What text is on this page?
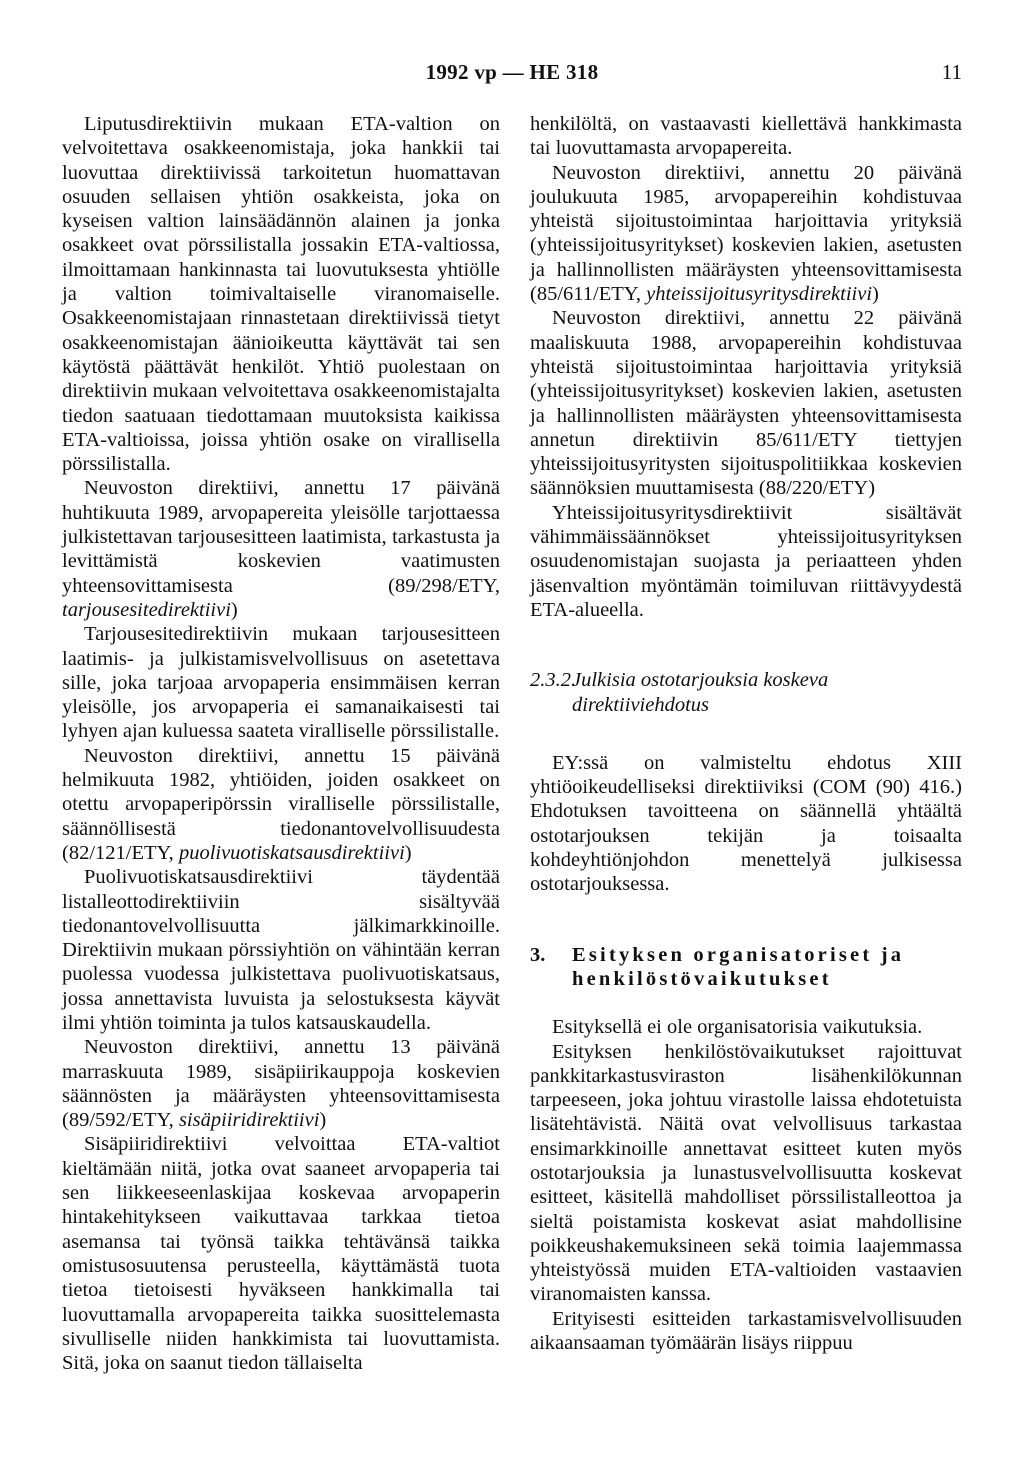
1992 vp — HE 318	11

Liputusdirektiivin mukaan ETA-valtion on velvoitettava osakkeenomistaja, joka hankkii tai luovuttaa direktiivissä tarkoitetun huomattavan osuuden sellaisen yhtiön osakkeista, joka on kyseisen valtion lainsäädännön alainen ja jonka osakkeet ovat pörssilistalla jossakin ETA-valtiossa, ilmoittamaan hankinnasta tai luovutuksesta yhtiölle ja valtion toimivaltaiselle viranomaiselle. Osakkeenomistajaan rinnastetaan direktiivissä tietyt osakkeenomistajan äänioikeutta käyttävät tai sen käytöstä päättävät henkilöt. Yhtiö puolestaan on direktiivin mukaan velvoitettava osakkeenomistajalta tiedon saatuaan tiedottamaan muutoksista kaikissa ETA-valtioissa, joissa yhtiön osake on virallisella pörssilistalla.

Neuvoston direktiivi, annettu 17 päivänä huhtikuuta 1989, arvopapereita yleisölle tarjottaessa julkistettavan tarjousesitteen laatimista, tarkastusta ja levittämistä koskevien vaatimusten yhteensovittamisesta (89/298/ETY, tarjousesitedirektiivi)

Tarjousesitedirektiivin mukaan tarjousesitteen laatimis- ja julkistamisvelvollisuus on asetettava sille, joka tarjoaa arvopaperia ensimmäisen kerran yleisölle, jos arvopaperia ei samanaikaisesti tai lyhyen ajan kuluessa saateta viralliselle pörssilistalle.

Neuvoston direktiivi, annettu 15 päivänä helmikuuta 1982, yhtiöiden, joiden osakkeet on otettu arvopaperipörssin viralliselle pörssilistalle, säännöllisestä tiedonantovelvollisuudesta (82/121/ETY, puolivuotiskatsausdirektiivi)

Puolivuotiskatsausdirektiivi täydentää listalleottodirektiiviin sisältyvää tiedonantovelvollisuutta jälkimarkkinoille. Direktiivin mukaan pörssiyhtiön on vähintään kerran puolessa vuodessa julkistettava puolivuotiskatsaus, jossa annettavista luvuista ja selostuksesta käyvät ilmi yhtiön toiminta ja tulos katsauskaudella.

Neuvoston direktiivi, annettu 13 päivänä marraskuuta 1989, sisäpiirikauppoja koskevien säännösten ja määräysten yhteensovittamisesta (89/592/ETY, sisäpiiridirektiivi)

Sisäpiiridirektiivi velvoittaa ETA-valtiot kieltämään niitä, jotka ovat saaneet arvopaperia tai sen liikkeeseenlaskijaa koskevaa arvopaperin hintakehitykseen vaikuttavaa tarkkaa tietoa asemansa tai työnsä taikka tehtävänsä taikka omistusosuutensa perusteella, käyttämästä tuota tietoa tietoisesti hyväkseen hankkimalla tai luovuttamalla arvopapereita taikka suosittelemasta sivulliselle niiden hankkimista tai luovuttamista. Sitä, joka on saanut tiedon tällaiselta

henkilöltä, on vastaavasti kiellettävä hankkimasta tai luovuttamasta arvopapereita.

Neuvoston direktiivi, annettu 20 päivänä joulukuuta 1985, arvopapereihin kohdistuvaa yhteistä sijoitustoimintaa harjoittavia yrityksiä (yhteissijoitusyritykset) koskevien lakien, asetusten ja hallinnollisten määräysten yhteensovittamisesta (85/611/ETY, yhteissijoitusyritysdirektiivi)

Neuvoston direktiivi, annettu 22 päivänä maaliskuuta 1988, arvopapereihin kohdistuvaa yhteistä sijoitustoimintaa harjoittavia yrityksiä (yhteissijoitusyritykset) koskevien lakien, asetusten ja hallinnollisten määräysten yhteensovittamisesta annetun direktiivin 85/611/ETY tiettyjen yhteissijoitusyritysten sijoituspolitiikkaa koskevien säännöksien muuttamisesta (88/220/ETY)

Yhteissijoitusyritysdirektiivit sisältävät vähimmäissäännökset yhteissijoitusyrityksen osuudenomistajan suojasta ja periaatteen yhden jäsenvaltion myöntämän toimiluvan riittävyydestä ETA-alueella.

2.3.2.
Julkisia ostotarjouksia koskeva direktiiviehdotus

EY:ssä on valmisteltu ehdotus XIII yhtiöoikeudelliseksi direktiiviksi (COM (90) 416.) Ehdotuksen tavoitteena on säännellä yhtäältä ostotarjouksen tekijän ja toisaalta kohdeyhtiönjohdon menettelyä julkisessa ostotarjouksessa.

3.	Esityksen organisatoriset ja henkilöstövaikutukset

Esityksellä ei ole organisatorisia vaikutuksia.

Esityksen henkilöstövaikutukset rajoittuvat pankkitarkastusviraston lisähenkilökunnan tarpeeseen, joka johtuu virastolle laissa ehdotetuista lisätehtävistä. Näitä ovat velvollisuus tarkastaa ensimarkkinoille annettavat esitteet kuten myös ostotarjouksia ja lunastusvelvollisuutta koskevat esitteet, käsitellä mahdolliset pörssilistalleottoa ja sieltä poistamista koskevat asiat mahdollisine poikkeushakemuksineen sekä toimia laajemmassa yhteistyössä muiden ETA-valtioiden vastaavien viranomaisten kanssa.

Erityisesti esitteiden tarkastamisvelvollisuuden aikaansaaman työmäärän lisäys riippuu
